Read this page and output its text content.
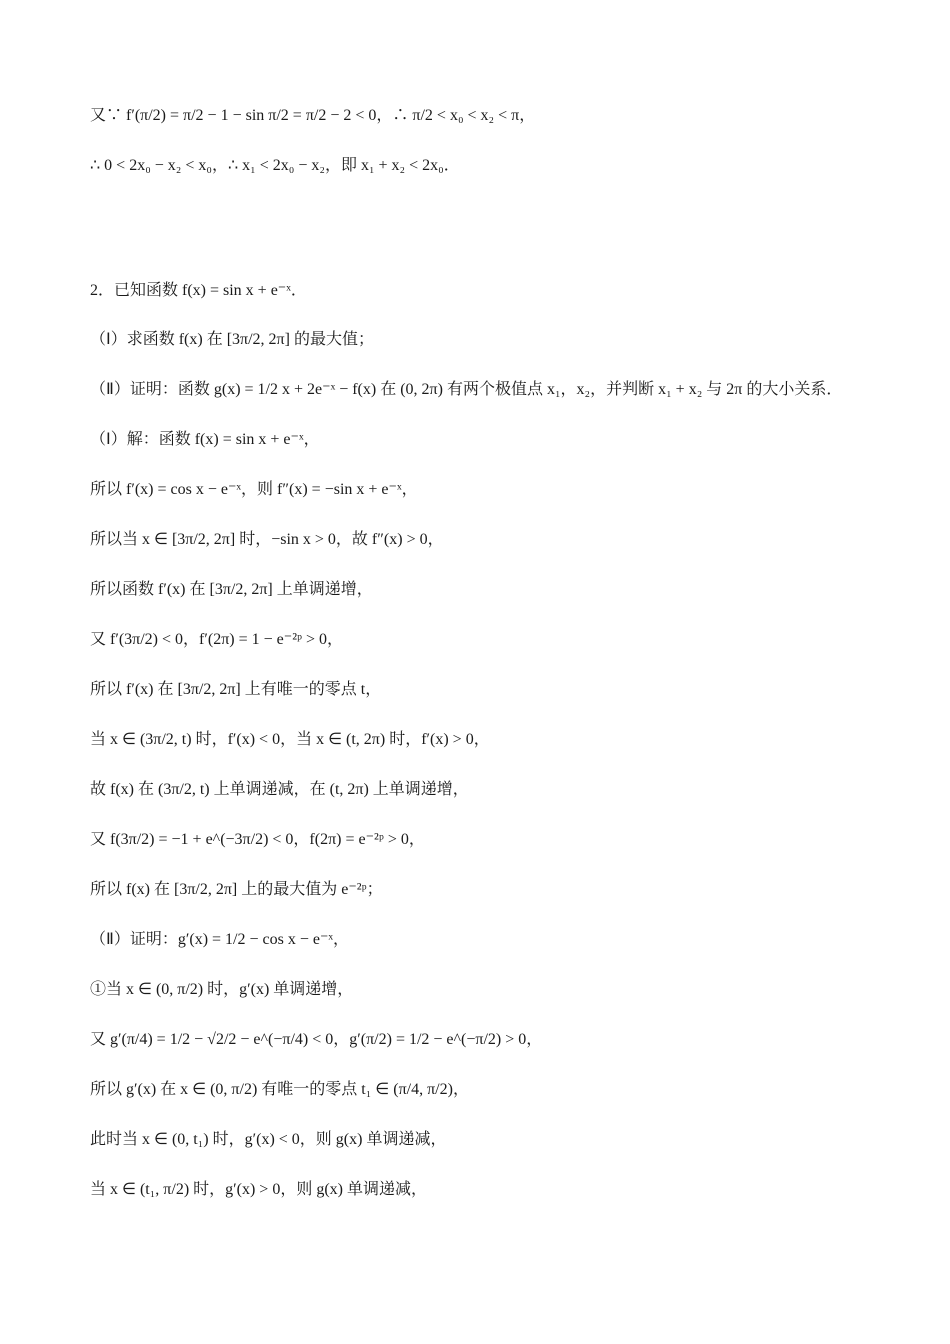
又∵ f′(π/2) = π/2 − 1 − sin π/2 = π/2 − 2 < 0，∴ π/2 < x₀ < x₂ < π，
∴ 0 < 2x₀ − x₂ < x₀，∴ x₁ < 2x₀ − x₂，即 x₁ + x₂ < 2x₀．
2．已知函数 f(x) = sin x + e⁻ˣ．
（Ⅰ）求函数 f(x) 在 [3π/2, 2π] 的最大值；
（Ⅱ）证明：函数 g(x) = 1/2 x + 2e⁻ˣ − f(x) 在 (0, 2π) 有两个极值点 x₁，x₂，并判断 x₁ + x₂ 与 2π 的大小关系．
（Ⅰ）解：函数 f(x) = sin x + e⁻ˣ，
所以 f′(x) = cos x − e⁻ˣ，则 f″(x) = −sin x + e⁻ˣ，
所以当 x ∈ [3π/2, 2π] 时，−sin x > 0，故 f″(x) > 0，
所以函数 f′(x) 在 [3π/2, 2π] 上单调递增，
又 f′(3π/2) < 0，f′(2π) = 1 − e⁻²ᵖ > 0，
所以 f′(x) 在 [3π/2, 2π] 上有唯一的零点 t，
当 x ∈ (3π/2, t) 时，f′(x) < 0，当 x ∈ (t, 2π) 时，f′(x) > 0，
故 f(x) 在 (3π/2, t) 上单调递减，在 (t, 2π) 上单调递增，
又 f(3π/2) = −1 + e^(−3π/2) < 0，f(2π) = e⁻²ᵖ > 0，
所以 f(x) 在 [3π/2, 2π] 上的最大值为 e⁻²ᵖ；
（Ⅱ）证明：g′(x) = 1/2 − cos x − e⁻ˣ，
①当 x ∈ (0, π/2) 时，g′(x) 单调递增，
又 g′(π/4) = 1/2 − √2/2 − e^(−π/4) < 0，g′(π/2) = 1/2 − e^(−π/2) > 0，
所以 g′(x) 在 x ∈ (0, π/2) 有唯一的零点 t₁ ∈ (π/4, π/2)，
此时当 x ∈ (0, t₁) 时，g′(x) < 0，则 g(x) 单调递减，
当 x ∈ (t₁, π/2) 时，g′(x) > 0，则 g(x) 单调递减，
